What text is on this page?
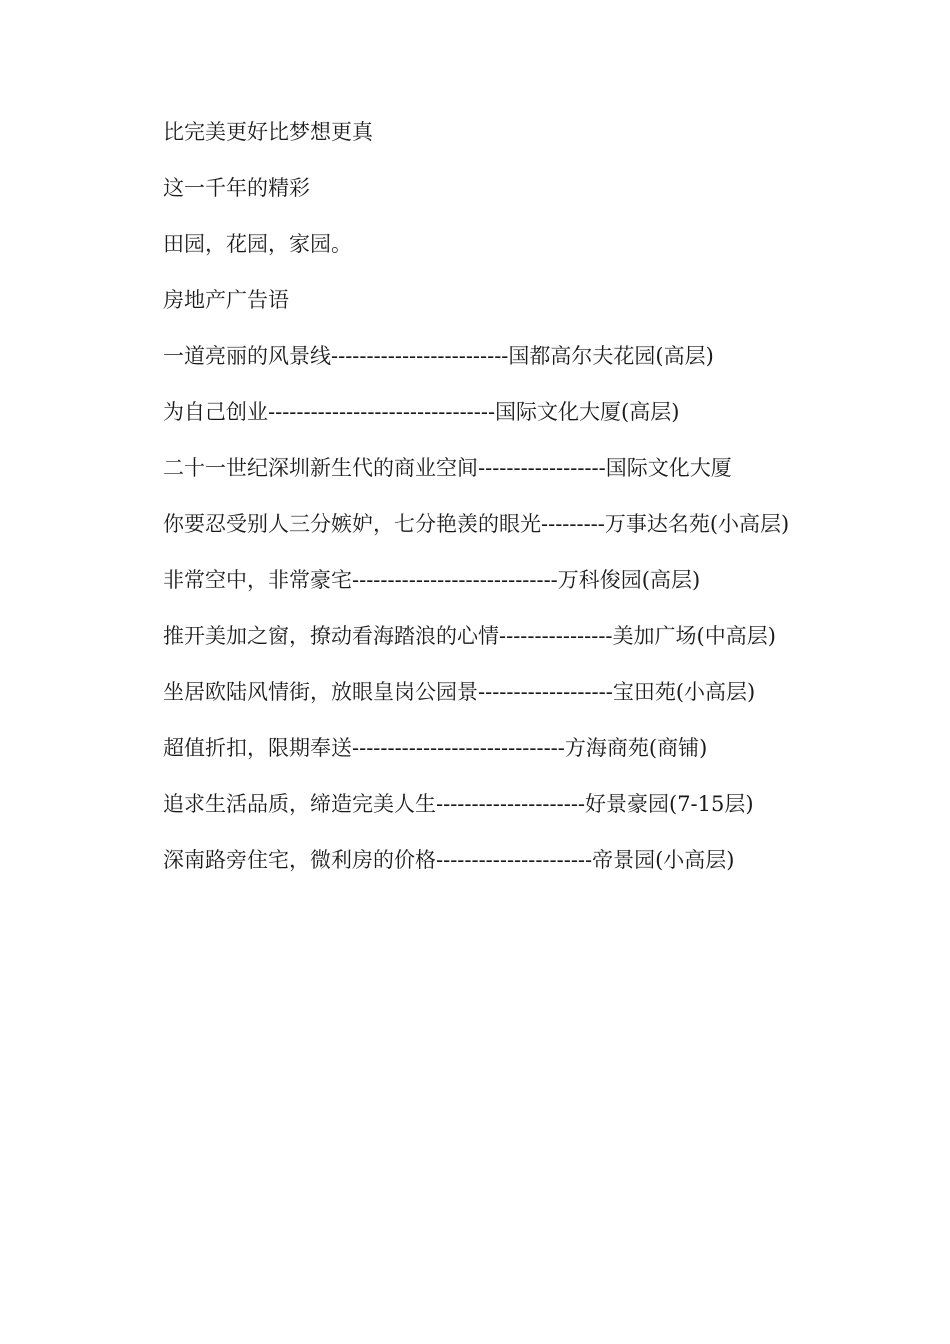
比完美更好比梦想更真

这一千年的精彩

田园，花园，家园。

房地产广告语

一道亮丽的风景线-------------------------国都高尔夫花园(高层)

为自己创业--------------------------------国际文化大厦(高层)

二十一世纪深圳新生代的商业空间------------------国际文化大厦

你要忍受别人三分嫉妒，七分艳羡的眼光---------万事达名苑(小高层)

非常空中，非常豪宅-----------------------------万科俊园(高层)

推开美加之窗，撩动看海踏浪的心情----------------美加广场(中高层)

坐居欧陆风情街，放眼皇岗公园景-------------------宝田苑(小高层)

超值折扣，限期奉送------------------------------方海商苑(商铺)

追求生活品质，缔造完美人生---------------------好景豪园(7-15层)

深南路旁住宅，微利房的价格----------------------帝景园(小高层)
